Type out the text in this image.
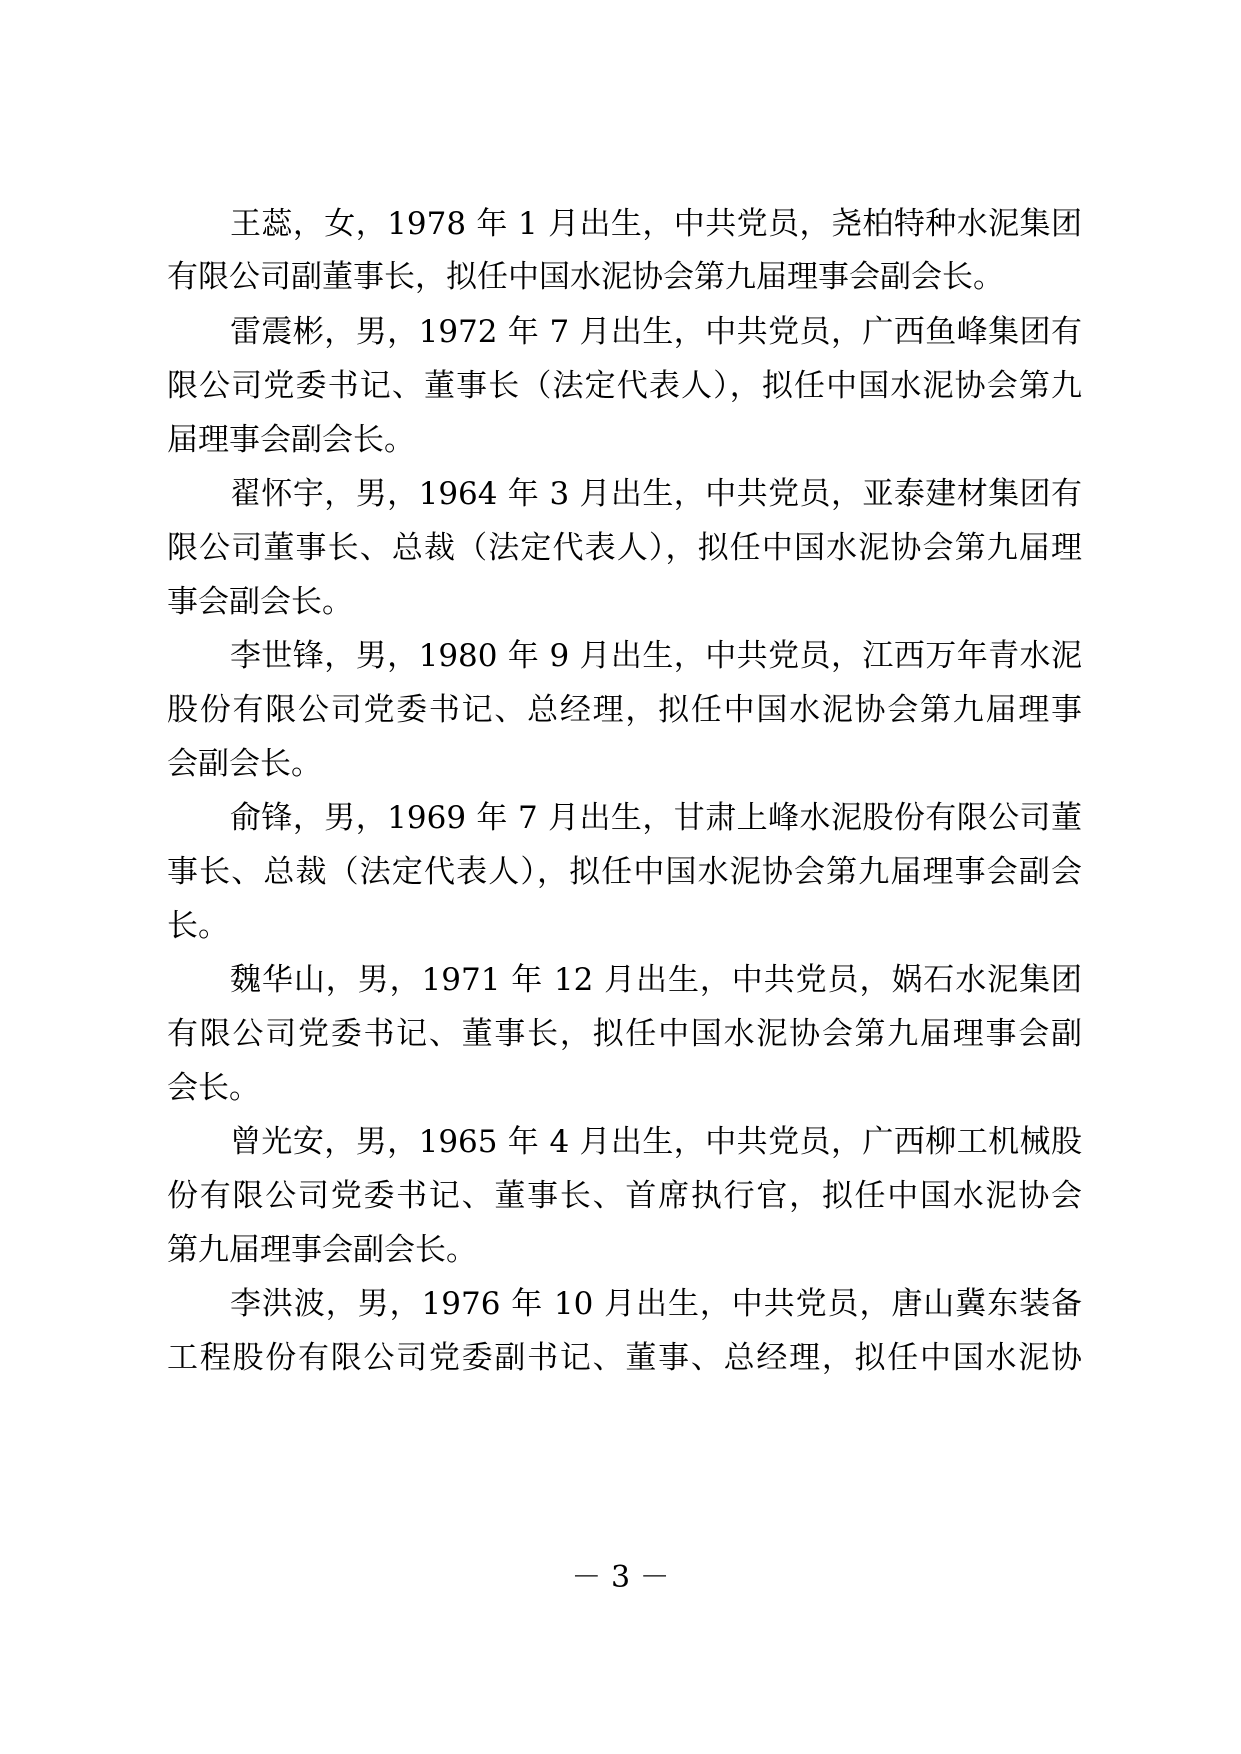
王蕊，女，1978 年 1 月出生，中共党员，尧柏特种水泥集团
有限公司副董事长，拟任中国水泥协会第九届理事会副会长。
雷震彬，男，1972 年 7 月出生，中共党员，广西鱼峰集团有
限公司党委书记、董事长（法定代表人），拟任中国水泥协会第九
届理事会副会长。
翟怀宇，男，1964 年 3 月出生，中共党员，亚泰建材集团有
限公司董事长、总裁（法定代表人），拟任中国水泥协会第九届理
事会副会长。
李世锋，男，1980 年 9 月出生，中共党员，江西万年青水泥
股份有限公司党委书记、总经理，拟任中国水泥协会第九届理事
会副会长。
俞锋，男，1969 年 7 月出生，甘肃上峰水泥股份有限公司董
事长、总裁（法定代表人），拟任中国水泥协会第九届理事会副会
长。
魏华山，男，1971 年 12 月出生，中共党员，娲石水泥集团
有限公司党委书记、董事长，拟任中国水泥协会第九届理事会副
会长。
曾光安，男，1965 年 4 月出生，中共党员，广西柳工机械股
份有限公司党委书记、董事长、首席执行官，拟任中国水泥协会
第九届理事会副会长。
李洪波，男，1976 年 10 月出生，中共党员，唐山冀东装备
工程股份有限公司党委副书记、董事、总经理，拟任中国水泥协
－ 3 －
